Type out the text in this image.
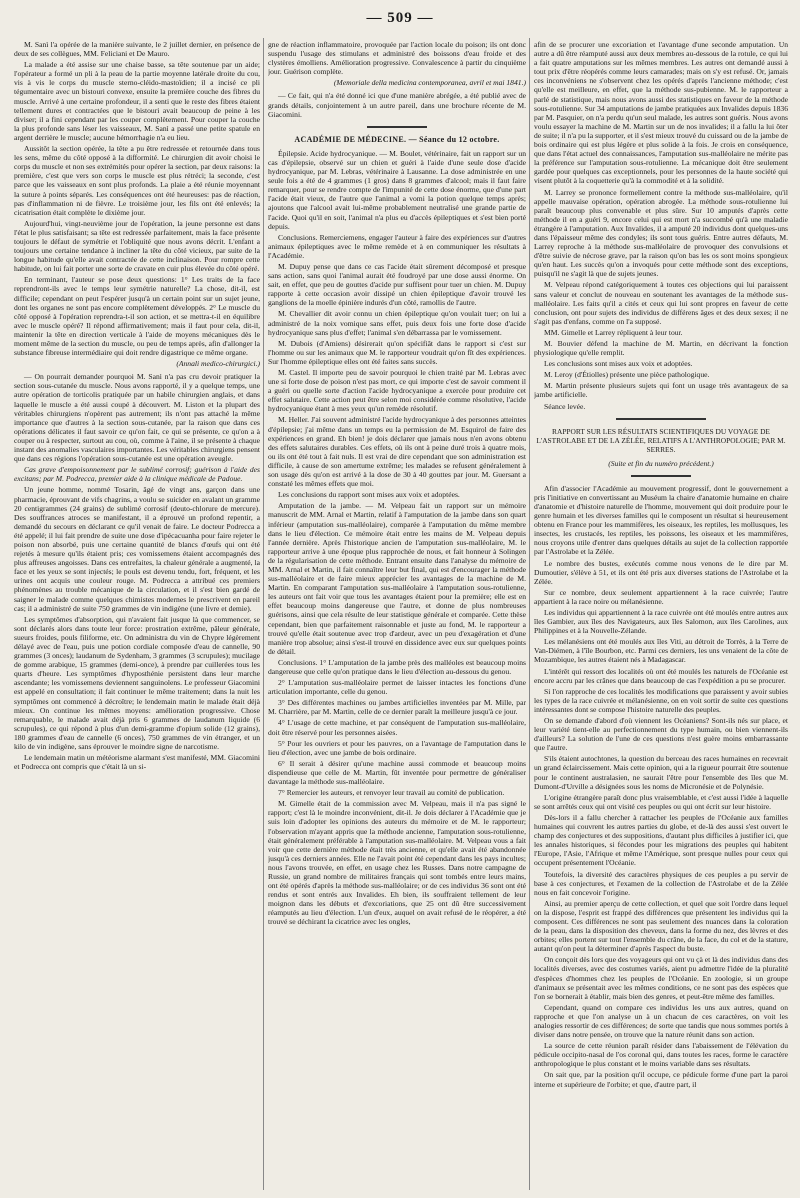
— 509 —

M. Sanì l'a opérée de la manière suivante, le 2 juillet dernier, en présence de deux de ses collègues, MM. Feliciani et De Mauro.

La malade a été assise sur une chaise basse, sa tête soutenue par un aide; l'opérateur a formé un pli à la peau de la partie moyenne latérale droite du cou, vis à vis le corps du muscle sterno-cléido-mastoïdien; il a incisé ce pli tégumentaire avec un bistouri convexe, ensuite la première couche des fibres du muscle. Arrivé à une certaine profondeur, il a senti que le reste des fibres étaient tellement dures et contractées que le bistouri avait beaucoup de peine à les diviser; il a fini cependant par les couper complètement. Pour couper la couche la plus profonde sans léser les vaisseaux, M. Sanì a passé une petite spatule en argent derrière le muscle; aucune hémorrhagie n'a eu lieu.

Aussitôt la section opérée, la tête a pu être redressée et retournée dans tous les sens, même du côté opposé à la difformité. Le chirurgien dit avoir choisi le corps du muscle et non ses extrémités pour opérer la section, par deux raisons: la première, c'est que vers son corps le muscle est plus rétréci; la seconde, c'est parce que les vaisseaux en sont plus profonds. La plaie a été réunie moyennant la suture à points séparés. Les conséquences ont été heureuses: pas de réaction, pas d'inflammation ni de fièvre. Le troisième jour, les fils ont été enlevés; la cicatrisation était complète le dixième jour.

Aujourd'hui, vingt-neuvième jour de l'opération, la jeune personne est dans l'état le plus satisfaisant; sa tête est redressée parfaitement, mais la face présente toujours le défaut de symétrie et l'obliquité que nous avons décrit. L'enfant a toujours une certaine tendance à incliner la tête du côté vicieux, par suite de la longue habitude qu'elle avait contractée de cette inclinaison. Pour rompre cette habitude, on lui fait porter une sorte de cravate en cuir plus élevée du côté opéré.

En terminant, l'auteur se pose deux questions: 1° Les traits de la face reprendront-ils avec le temps leur symétrie naturelle? La chose, dit-il, est difficile; cependant on peut l'espérer jusqu'à un certain point sur un sujet jeune, dont les organes ne sont pas encore complètement développés. 2° Le muscle du côté opposé à l'opération reprendra-t-il son action, et se mettra-t-il en équilibre avec le muscle opéré? Il répond affirmativement; mais il faut pour cela, dit-il, maintenir la tête en direction verticale à l'aide de moyens mécaniques dès le moment même de la section du muscle, ou peu de temps après, afin d'allonger la substance fibreuse intermédiaire qui doit rendre digastrique ce même organe.

(Annali medico-chirurgici.)

— On pourrait demander pourquoi M. Sanì n'a pas cru devoir pratiquer la section sous-cutanée du muscle. Nous avons rapporté, il y a quelque temps, une autre opération de torticolis pratiquée par un habile chirurgien anglais, et dans laquelle le muscle a été aussi coupé à découvert. M. Liston et la plupart des véritables chirurgiens n'opèrent pas autrement; ils n'ont pas attaché la même importance que d'autres à la section sous-cutanée, par la raison que dans ces opérations délicates il faut savoir ce qu'on fait, ce qui se présente, ce qu'on a à couper ou à respecter, surtout au cou, où, comme à l'aine, il se présente à chaque instant des anomalies vasculaires importantes. Les véritables chirurgiens pensent que dans ces régions l'opération sous-cutanée est une opération aveugle.

Cas grave d'empoisonnement par le sublimé corrosif; guérison à l'aide des excitans; par M. Podrecca, premier aide à la clinique médicale de Padoue.

Un jeune homme, nommé Tosarin, âgé de vingt ans, garçon dans une pharmacie, éprouvant de vifs chagrins, a voulu se suicider en avalant un gramme 20 centigrammes (24 grains) de sublimé corrosif (deuto-chlorure de mercure). Des souffrances atroces se manifestant, il a éprouvé un profond repentir, a demandé du secours en déclarant ce qu'il venait de faire. Le docteur Podrecca a été appelé; il lui fait prendre de suite une dose d'ipécacuanha pour faire rejeter le poison non absorbé, puis une certaine quantité de blancs d'œufs qui ont été rejetés à mesure qu'ils étaient pris; ces vomissemens étaient accompagnés des plus affreuses angoisses. Dans ces entrefaites, la chaleur générale a augmenté, la face et les yeux se sont injectés; le pouls est devenu tendu, fort, fréquent, et les urines ont acquis une couleur rouge. M. Podrecca a attribué ces premiers phénomènes au trouble mécanique de la circulation, et il s'est bien gardé de saigner le malade comme quelques chimistes modernes le prescrivent en pareil cas; il a administré de suite 750 grammes de vin indigène (une livre et demie).

Les symptômes d'absorption, qui n'avaient fait jusque là que commencer, se sont déclarés alors dans toute leur force: prostration extrême, pâleur générale, sueurs froides, pouls filiforme, etc. On administra du vin de Chypre légèrement délayé avec de l'eau, puis une potion cordiale composée d'eau de cannelle, 90 grammes (3 onces); laudanum de Sydenham, 3 grammes (3 scrupules); mucilage de gomme arabique, 15 grammes (demi-once), à prendre par cuillerées tous les quarts d'heure. Les symptômes d'hyposthénie persistent dans leur marche ascendante; les vomissemens deviennent sanguinolens. Le professeur Giacomini est appelé en consultation; il fait continuer le même traitement; dans la nuit les symptômes ont commencé à décroître; le lendemain matin le malade était déjà mieux. On continue les mêmes moyens: amélioration progressive. Chose remarquable, le malade avait déjà pris 6 grammes de laudanum liquide (6 scrupules), ce qui répond à plus d'un demi-gramme d'opium solide (12 grains), 180 grammes d'eau de cannelle (6 onces), 750 grammes de vin étranger, et un kilo de vin indigène, sans éprouver le moindre signe de narcotisme.

Le lendemain matin un météorisme alarmant s'est manifesté, MM. Giacomini et Podrecca ont compris que c'était là un si-

gne de réaction inflammatoire, provoquée par l'action locale du poison; ils ont donc suspendu l'usage des stimulans et administré des boissons d'eau froide et des clystères émolliens. Amélioration progressive. Convalescence à partir du cinquième jour. Guérison complète.

(Memoriale della medicina contemporanea, avril et mai 1841.)

— Ce fait, qui n'a été donné ici que d'une manière abrégée, a été publié avec de grands détails, conjointement à un autre pareil, dans une brochure récente de M. Giacomini.

ACADÉMIE DE MÉDECINE. — Séance du 12 octobre.

Épilepsie. Acide hydrocyanique. — M. Boulet, vétérinaire, fait un rapport sur un cas d'épilepsie, observé sur un chien et guéri à l'aide d'une seule dose d'acide hydrocyanique, par M. Lebras, vétérinaire à Lausanne. La dose administrée en une seule fois a été de 4 grammes (1 gros) dans 8 grammes d'alcool; mais il faut faire remarquer, pour se rendre compte de l'impunité de cette dose énorme, que d'une part l'acide était vieux, de l'autre que l'animal a vomi la potion quelque temps après; ajoutons que l'alcool avait lui-même probablement neutralisé une grande partie de l'acide. Quoi qu'il en soit, l'animal n'a plus eu d'accès épileptiques et s'est bien porté depuis.

Conclusions. Remerciemens, engager l'auteur à faire des expériences sur d'autres animaux épileptiques avec le même remède et à en communiquer les résultats à l'Académie.

M. Dupuy pense que dans ce cas l'acide était sûrement décomposé et presque sans action, sans quoi l'animal aurait été foudroyé par une dose aussi énorme. On sait, en effet, que peu de gouttes d'acide pur suffisent pour tuer un chien. M. Dupuy rapporte à cette occasion avoir dissipé un chien épileptique d'avoir trouvé les ganglions de la moelle épinière indurés d'un côté, ramollis de l'autre.

M. Chevallier dit avoir connu un chien épileptique qu'on voulait tuer; on lui a administré de la noix vomique sans effet, puis deux fois une forte dose d'acide hydrocyanique sans plus d'effet; l'animal s'en débarrassa par le vomissement.

M. Dubois (d'Amiens) désirerait qu'on spécifiât dans le rapport si c'est sur l'homme ou sur les animaux que M. le rapporteur voudrait qu'on fît des expériences. Sur l'homme épileptique elles ont été faites sans succès.

M. Castel. Il importe peu de savoir pourquoi le chien traité par M. Lebras avec une si forte dose de poison n'est pas mort, ce qui importe c'est de savoir comment il a guéri ou quelle sorte d'action l'acide hydrocyanique a exercée pour produire cet effet salutaire. Cette action peut être selon moi considérée comme résolutive, l'acide hydrocyanique étant à mes yeux qu'un remède résolutif.

M. Heller. J'ai souvent administré l'acide hydrocyanique à des personnes atteintes d'épilepsie; j'ai même dans un temps eu la permission de M. Esquirol de faire des expériences en grand. Eh bien! je dois déclarer que jamais nous n'en avons obtenu des effets salutaires durables. Ces effets, où ils ont à peine duré trois à quatre mois, ou ils ont été tout à fait nuls. Il est vrai de dire cependant que son administration est difficile, à cause de son amertume extrême; les malades se refusent généralement à son usage dès qu'on est arrivé à la dose de 30 à 40 gouttes par jour. M. Guersant a constaté les mêmes effets que moi.

Les conclusions du rapport sont mises aux voix et adoptées.

Amputation de la jambe. — M. Velpeau fait un rapport sur un mémoire manuscrit de MM. Arnal et Martin, relatif à l'amputation de la jambe dans son quart inférieur (amputation sus-malléolaire), comparée à l'amputation du même membre dans le lieu d'élection. Ce mémoire était entre les mains de M. Velpeau depuis l'année dernière. Après l'historique ancien de l'amputation sus-malléolaire, M. le rapporteur arrive à une époque plus rapprochée de nous, et fait honneur à Solingen de la régularisation de cette méthode. Entrant ensuite dans l'analyse du mémoire de MM. Arnal et Martin, il fait connaître leur but final, qui est d'encourager la méthode sus-malléolaire et de faire mieux apprécier les avantages de la machine de M. Martin. En comparant l'amputation sus-malléolaire à l'amputation sous-rotulienne, les auteurs ont fait voir que tous les avantages étaient pour la première; elle est en effet beaucoup moins dangereuse que l'autre, et donne de plus nombreuses guérisons, ainsi que cela résulte de leur statistique générale et comparée. Cette thèse cependant, bien que parfaitement raisonnable et juste au fond, M. le rapporteur a trouvé qu'elle était soutenue avec trop d'ardeur, avec un peu d'exagération et d'une manière trop absolue; ainsi s'est-il trouvé en dissidence avec eux sur quelques points de détail.

Conclusions. 1° L'amputation de la jambe près des malléoles est beaucoup moins dangereuse que celle qu'on pratique dans le lieu d'élection au-dessous du genou.

2° L'amputation sus-malléolaire permet de laisser intactes les fonctions d'une articulation importante, celle du genou.

3° Des différentes machines ou jambes artificielles inventées par M. Mille, par M. Charrière, par M. Martin, celle de ce dernier paraît la meilleure jusqu'à ce jour.

4° L'usage de cette machine, et par conséquent de l'amputation sus-malléolaire, doit être réservé pour les personnes aisées.

5° Pour les ouvriers et pour les pauvres, on a l'avantage de l'amputation dans le lieu d'élection, avec une jambe de bois ordinaire.

6° Il serait à désirer qu'une machine aussi commode et beaucoup moins dispendieuse que celle de M. Martin, fût inventée pour permettre de généraliser davantage la méthode sus-malléolaire.

7° Remercier les auteurs, et renvoyer leur travail au comité de publication.

M. Gimelle était de la commission avec M. Velpeau, mais il n'a pas signé le rapport; c'est là le moindre inconvénient, dit-il. Je dois déclarer à l'Académie que je suis loin d'adopter les opinions des auteurs du mémoire et de M. le rapporteur; l'observation m'ayant appris que la méthode ancienne, l'amputation sous-rotulienne, était généralement préférable à l'amputation sus-malléolaire. M. Velpeau vous a fait voir que cette dernière méthode était très ancienne, et qu'elle avait été abandonnée jusqu'à ces derniers années. Elle ne l'avait point été cependant dans les pays incultes; nous l'avons trouvée, en effet, en usage chez les Russes. Dans notre campagne de Russie, un grand nombre de militaires français qui sont tombés entre leurs mains, ont été opérés d'après la méthode sus-malléolaire; or de ces individus 36 sont ont été rendus et sont entrés aux Invalides. Eh bien, ils souffraient tellement de leur moignon dans les débuts et d'excoriations, que 25 ont dû être successivement réamputés au lieu d'élection. L'un d'eux, auquel on avait refusé de le réopérer, a été trouvé se déchirant la cicatrice avec les ongles,

afin de se procurer une excoriation et l'avantage d'une seconde amputation. Un autre a dû être réamputé aussi aux deux membres au-dessous de la rotule, ce qui lui a fait quatre amputations sur les mêmes membres. Les autres ont demandé aussi à tout prix d'être réopérés comme leurs camarades; mais on s'y est refusé. Or, jamais ces inconvéniens ne s'observent chez les opérés d'après l'ancienne méthode; c'est qu'elle est meilleure, en effet, que la méthode sus-pubienne. M. le rapporteur a parlé de statistique, mais nous avons aussi des statistiques en faveur de la méthode sous-rotulienne. Sur 34 amputations de jambe pratiquées aux Invalides depuis 1836 par M. Pasquier, on n'a perdu qu'un seul malade, les autres sont guéris. Nous avons voulu essayer la machine de M. Martin sur un de nos invalides; il a fallu la lui ôter de suite; il n'a pu la supporter, et il s'est mieux trouvé du cuissard ou de la jambe de bois ordinaire qui est plus légère et plus solide à la fois. Je crois en conséquence, que dans l'état actuel des connaissances, l'amputation sus-malléolaire ne mérite pas la préférence sur l'amputation sous-rotulienne. La mécanique doit être seulement gardée pour quelques cas exceptionnels, pour les personnes de la haute société qui visent plutôt à la coquetterie qu'à la commodité et à la solidité.

M. Larrey se prononce formellement contre la méthode sus-malléolaire, qu'il appelle mauvaise opération, opération abrogée. La méthode sous-rotulienne lui paraît beaucoup plus convenable et plus sûre. Sur 10 amputés d'après cette méthode il en a guéri 9, encore celui qui est mort n'a succombé qu'à une maladie étrangère à l'amputation. Aux Invalides, il a amputé 20 individus dont quelques-uns dans l'épaisseur même des condyles; ils sont tous guéris. Entre autres défauts, M. Larrey reproche à la méthode sus-malléolaire de provoquer des convulsions et d'être suivie de nécrose grave, par la raison qu'on bas les os sont moins spongieux qu'en haut. Les succès qu'on a invoqués pour cette méthode sont des exceptions, puisqu'il ne s'agit là que de sujets jeunes.

M. Velpeau répond catégoriquement à toutes ces objections qui lui paraissent sans valeur et conclut de nouveau en soutenant les avantages de la méthode sus-malléolaire. Les faits qu'il a cités et ceux qui lui sont propres en faveur de cette conclusion, ont pour sujets des individus de différens âges et des deux sexes; il ne s'agit pas d'enfans, comme on l'a supposé.

MM. Gimelle et Larrey répliquent à leur tour.

M. Bouvier défend la machine de M. Martin, en décrivant la fonction physiologique qu'elle remplit.

Les conclusions sont mises aux voix et adoptées.

M. Leroy (d'Étiolles) présente une pièce pathologique.

M. Martin présente plusieurs sujets qui font un usage très avantageux de sa jambe artificielle.

Séance levée.

RAPPORT SUR LES RÉSULTATS SCIENTIFIQUES DU VOYAGE DE L'ASTROLABE ET DE LA ZÉLÉE, RELATIFS A L'ANTHROPOLOGIE; PAR M. SERRES.
(Suite et fin du numéro précédent.)

Afin d'associer l'Académie au mouvement progressif, dont le gouvernement a pris l'initiative en convertissant au Muséum la chaire d'anatomie humaine en chaire d'anatomie et d'histoire naturelle de l'homme, mouvement qui doit produire pour le genre humain et les diverses familles qui le composent un résultat si heureusement obtenu en France pour les mammifères, les oiseaux, les reptiles, les mollusques, les insectes, les crustacés, les reptiles, les poissons, les oiseaux et les mammifères, nous croyons utile d'entrer dans quelques détails au sujet de la collection rapportée par l'Astrolabe et la Zélée.

Le nombre des bustes, exécutés comme nous venons de le dire par M. Dumoutier, s'élève à 51, et ils ont été pris aux diverses stations de l'Astrolabe et la Zélée.

Sur ce nombre, deux seulement appartiennent à la race cuivrée; l'autre appartient à la race noire ou mélanésienne.

Les individus qui appartiennent à la race cuivrée ont été moulés entre autres aux îles Gambier, aux îles des Navigateurs, aux îles Salomon, aux îles Carolines, aux Philippines et à la Nouvelle-Zélande.

Les mélanésiens ont été moulés aux îles Viti, au détroit de Torrès, à la Terre de Van-Diémen, à l'île Bourbon, etc. Parmi ces derniers, les uns venaient de la côte de Mozambique, les autres étaient nés à Madagascar.

L'intérêt qui ressort des localités où ont été moulés les naturels de l'Océanie est encore accru par les crânes que dans beaucoup de cas l'expédition a pu se procurer.

Si l'on rapproche de ces localités les modifications que paraissent y avoir subies les types de la race cuivrée et mélanésienne, on en voit sortir de suite ces questions intéressantes dont se compose l'histoire naturelle des peuples.

On se demande d'abord d'où viennent les Océaniens? Sont-ils nés sur place, et leur variété tient-elle au perfectionnement du type humain, ou bien viennent-ils d'ailleurs? La solution de l'une de ces questions n'est guère moins embarrassante que l'autre.

S'ils étaient autochtones, la question du berceau des races humaines en recevrait un grand éclaircissement. Mais cette opinion, qui a la rigueur pourrait être soutenue pour le continent australasien, ne saurait l'être pour l'ensemble des îles que M. Dumont-d'Urville a désignées sous les noms de Micronésie et de Polynésie.

L'origine étrangère paraît donc plus vraisemblable, et c'est aussi l'idée à laquelle se sont arrêtés ceux qui ont visité ces peuples ou qui ont écrit sur leur histoire.

Dès-lors il a fallu chercher à rattacher les peuples de l'Océanie aux familles humaines qui couvrent les autres parties du globe, et de-là des aussi s'est ouvert le champ des conjectures et des suppositions, d'autant plus difficiles à justifier ici, que les annales historiques, si fécondes pour les migrations des peuples qui habitent l'Europe, l'Asie, l'Afrique et même l'Amérique, sont presque nulles pour ceux qui occupent présentement l'Océanie.

Toutefois, la diversité des caractères physiques de ces peuples a pu servir de base à ces conjectures, et l'examen de la collection de l'Astrolabe et de la Zélée nous en fait concevoir l'origine.

Ainsi, au premier aperçu de cette collection, et quel que soit l'ordre dans lequel on la dispose, l'esprit est frappé des différences que présentent les individus qui la composent. Ces différences ne sont pas seulement des nuances dans la coloration de la peau, dans la disposition des cheveux, dans la forme du nez, des lèvres et des orbites; elles portent sur tout l'ensemble du crâne, de la face, du col et de la stature, autant qu'on peut la déterminer d'après l'aspect du buste.

On conçoit dès lors que des voyageurs qui ont vu çà et là des individus dans des localités diverses, avec des costumes variés, aient pu admettre l'idée de la pluralité d'espèces d'hommes chez les peuples de l'Océanie. En zoologie, si un groupe d'animaux se présentait avec les mêmes conditions, ce ne sont pas des espèces que l'on se bornerait à établir, mais bien des genres, et peut-être même des familles.

Cependant, quand on compare ces individus les uns aux autres, quand on rapproche et que l'on analyse un à un chacun de ces caractères, on voit les analogies ressortir de ces différences; de sorte que tandis que nous sommes portés à diviser dans notre pensée, on trouve que la nature réunit dans son action.

La source de cette réunion paraît résider dans l'abaissement de l'élévation du pédicule occipito-nasal de l'os coronal qui, dans toutes les races, forme le caractère anthropologique le plus constant et le moins variable dans ses résultats.

On sait que, par la position qu'il occupe, ce pédicule forme d'une part la paroi interne et supérieure de l'orbite; et que, d'autre part, il
